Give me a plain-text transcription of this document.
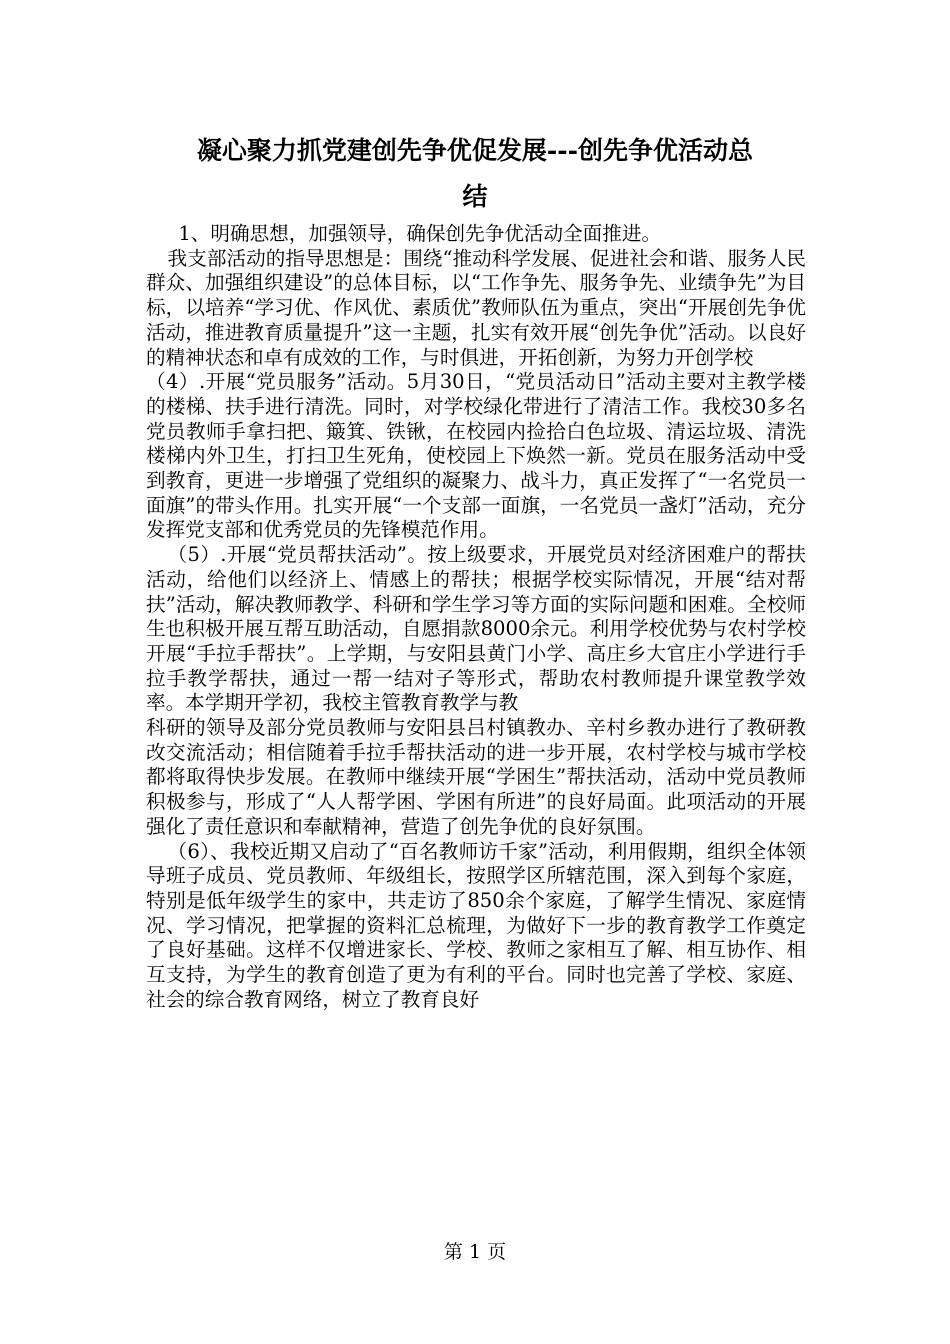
凝心聚力抓党建创先争优促发展---创先争优活动总
结

1、明确思想，加强领导，确保创先争优活动全面推进。

我支部活动的指导思想是：围绕“推动科学发展、促进社会和谐、服务人民群众、加强组织建设”的总体目标，以“工作争先、服务争先、业绩争先”为目标，以培养“学习优、作风优、素质优”教师队伍为重点，突出“开展创先争优活动，推进教育质量提升”这一主题，扎实有效开展“创先争优”活动。以良好的精神状态和卓有成效的工作，与时俱进，开拓创新，为努力开创学校

（4）.开展“党员服务”活动。5月30日，“党员活动日”活动主要对主教学楼的楼梯、扶手进行清洗。同时，对学校绿化带进行了清洁工作。我校30多名党员教师手拿扫把、簸箕、铁锹，在校园内捡拾白色垃圾、清运垃圾、清洗楼梯内外卫生，打扫卫生死角，使校园上下焕然一新。党员在服务活动中受到教育，更进一步增强了党组织的凝聚力、战斗力，真正发挥了“一名党员一面旗”的带头作用。扎实开展“一个支部一面旗，一名党员一盏灯”活动，充分发挥党支部和优秀党员的先锋模范作用。

（5）.开展“党员帮扶活动”。按上级要求，开展党员对经济困难户的帮扶活动，给他们以经济上、情感上的帮扶；根据学校实际情况，开展“结对帮扶”活动，解决教师教学、科研和学生学习等方面的实际问题和困难。全校师生也积极开展互帮互助活动，自愿捐款8000余元。利用学校优势与农村学校开展“手拉手帮扶”。上学期，与安阳县黄门小学、高庄乡大官庄小学进行手拉手教学帮扶，通过一帮一结对子等形式，帮助农村教师提升课堂教学效率。本学期开学初，我校主管教育教学与教

科研的领导及部分党员教师与安阳县吕村镇教办、辛村乡教办进行了教研教改交流活动；相信随着手拉手帮扶活动的进一步开展，农村学校与城市学校都将取得快步发展。在教师中继续开展“学困生”帮扶活动，活动中党员教师积极参与，形成了“人人帮学困、学困有所进”的良好局面。此项活动的开展强化了责任意识和奉献精神，营造了创先争优的良好氛围。

（6）、我校近期又启动了“百名教师访千家”活动，利用假期，组织全体领导班子成员、党员教师、年级组长，按照学区所辖范围，深入到每个家庭，特别是低年级学生的家中，共走访了850余个家庭，了解学生情况、家庭情况、学习情况，把掌握的资料汇总梳理，为做好下一步的教育教学工作奠定了良好基础。这样不仅增进家长、学校、教师之家相互了解、相互协作、相互支持，为学生的教育创造了更为有利的平台。同时也完善了学校、家庭、社会的综合教育网络，树立了教育良好

第 1 页
